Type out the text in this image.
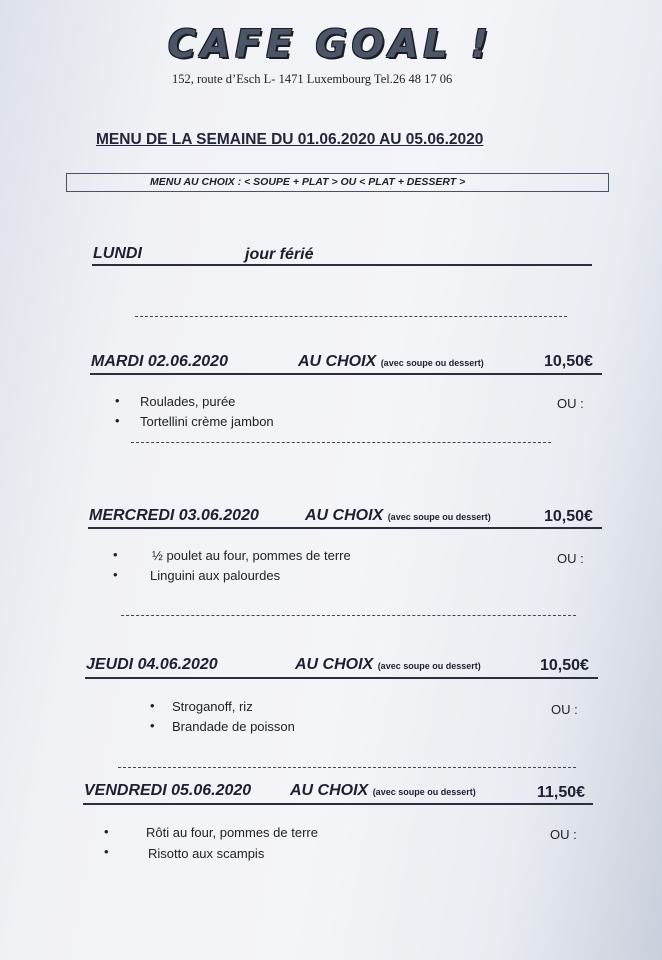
CAFE GOAL !
152, route d’Esch L- 1471 Luxembourg Tel.26 48 17 06
MENU DE LA SEMAINE DU 01.06.2020 AU 05.06.2020
MENU AU CHOIX : < SOUPE + PLAT > OU < PLAT + DESSERT >
LUNDI	jour férié
MARDI 02.06.2020	AU CHOIX (avec soupe ou dessert)	10,50€
• Roulades, purée
• Tortellini crème jambon
OU :
MERCREDI 03.06.2020	AU CHOIX (avec soupe ou dessert)	10,50€
•	½ poulet au four, pommes de terre
• Linguini aux palourdes
OU :
JEUDI 04.06.2020	AU CHOIX (avec soupe ou dessert)	10,50€
• Stroganoff, riz
• Brandade de poisson
OU :
VENDREDI 05.06.2020 AU CHOIX (avec soupe ou dessert)	11,50€
•	Rôti au four, pommes de terre
•	Risotto aux scampis
OU :
